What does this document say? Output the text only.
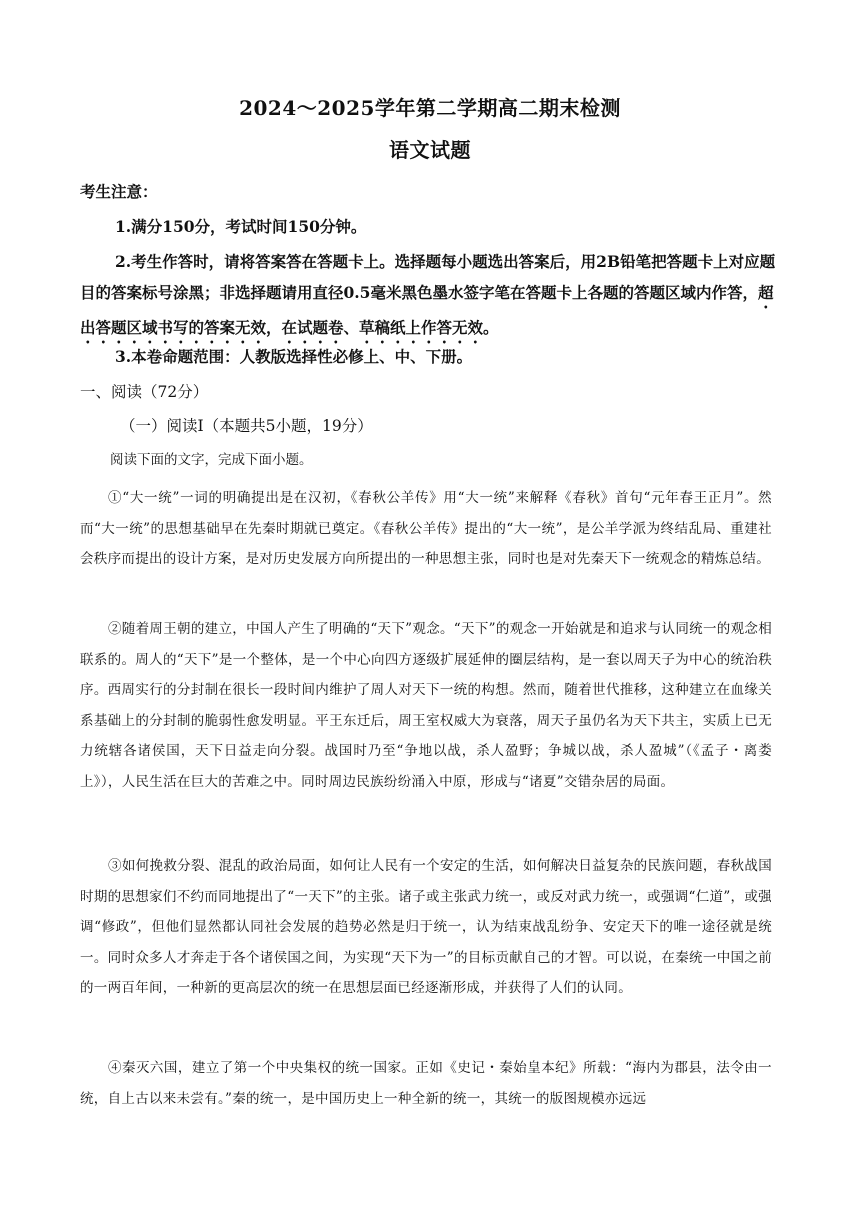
2024～2025学年第二学期高二期末检测
语文试题
考生注意：
1.满分150分，考试时间150分钟。
2.考生作答时，请将答案答在答题卡上。选择题每小题选出答案后，用2B铅笔把答题卡上对应题目的答案标号涂黑；非选择题请用直径0.5毫米黑色墨水签字笔在答题卡上各题的答题区域内作答，超出答题区域书写的答案无效，在试题卷、草稿纸上作答无效。
3.本卷命题范围：人教版选择性必修上、中、下册。
一、阅读（72分）
（一）阅读Ⅰ（本题共5小题，19分）
阅读下面的文字，完成下面小题。
①“大一统”一词的明确提出是在汉初，《春秋公羊传》用“大一统”来解释《春秋》首句“元年春王正月”。然而“大一统”的思想基础早在先秦时期就已奠定。《春秋公羊传》提出的“大一统”，是公羊学派为终结乱局、重建社会秩序而提出的设计方案，是对历史发展方向所提出的一种思想主张，同时也是对先秦天下一统观念的精炼总结。
②随着周王朝的建立，中国人产生了明确的“天下”观念。“天下”的观念一开始就是和追求与认同统一的观念相联系的。周人的“天下”是一个整体，是一个中心向四方逐级扩展延伸的圈层结构，是一套以周天子为中心的统治秩序。西周实行的分封制在很长一段时间内维护了周人对天下一统的构想。然而，随着世代推移，这种建立在血缘关系基础上的分封制的脆弱性愈发明显。平王东迁后，周王室权威大为衰落，周天子虽仍名为天下共主，实质上已无力统辖各诸侯国，天下日益走向分裂。战国时乃至“争地以战，杀人盈野；争城以战，杀人盈城”（《孟子・离娄上》），人民生活在巨大的苦难之中。同时周边民族纷纷涌入中原，形成与“诸夏”交错杂居的局面。
③如何挽救分裂、混乱的政治局面，如何让人民有一个安定的生活，如何解决日益复杂的民族问题，春秋战国时期的思想家们不约而同地提出了“一天下”的主张。诸子或主张武力统一，或反对武力统一，或强调“仁道”，或强调“修政”，但他们显然都认同社会发展的趋势必然是归于统一，认为结束战乱纷争、安定天下的唯一途径就是统一。同时众多人才奔走于各个诸侯国之间，为实现“天下为一”的目标贡献自己的才智。可以说，在秦统一中国之前的一两百年间，一种新的更高层次的统一在思想层面已经逐渐形成，并获得了人们的认同。
④秦灭六国，建立了第一个中央集权的统一国家。正如《史记・秦始皇本纪》所载：“海内为郡县，法令由一统，自上古以来未尝有。”秦的统一，是中国历史上一种全新的统一，其统一的版图规模亦远远
